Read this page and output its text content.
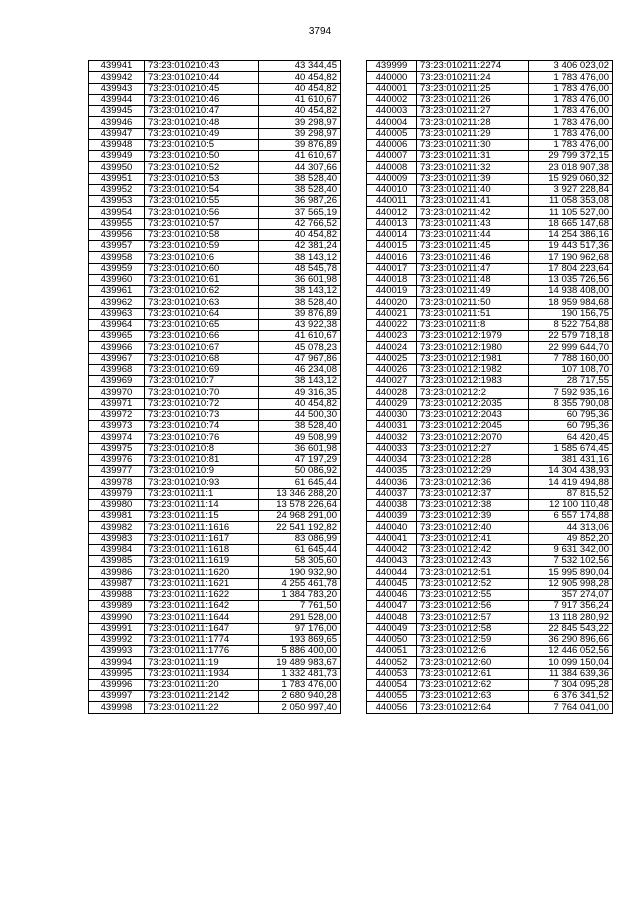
3794
439941	73:23:010210:43	43 344,45
439942	73:23:010210:44	40 454,82
439943	73:23:010210:45	40 454,82
439944	73:23:010210:46	41 610,67
439945	73:23:010210:47	40 454,82
439946	73:23:010210:48	39 298,97
439947	73:23:010210:49	39 298,97
439948	73:23:010210:5	39 876,89
439949	73:23:010210:50	41 610,67
439950	73:23:010210:52	44 307,66
439951	73:23:010210:53	38 528,40
439952	73:23:010210:54	38 528,40
439953	73:23:010210:55	36 987,26
439954	73:23:010210:56	37 565,19
439955	73:23:010210:57	42 766,52
439956	73:23:010210:58	40 454,82
439957	73:23:010210:59	42 381,24
439958	73:23:010210:6	38 143,12
439959	73:23:010210:60	48 545,78
439960	73:23:010210:61	36 601,98
439961	73:23:010210:62	38 143,12
439962	73:23:010210:63	38 528,40
439963	73:23:010210:64	39 876,89
439964	73:23:010210:65	43 922,38
439965	73:23:010210:66	41 610,67
439966	73:23:010210:67	45 078,23
439967	73:23:010210:68	47 967,86
439968	73:23:010210:69	46 234,08
439969	73:23:010210:7	38 143,12
439970	73:23:010210:70	49 316,35
439971	73:23:010210:72	40 454,82
439972	73:23:010210:73	44 500,30
439973	73:23:010210:74	38 528,40
439974	73:23:010210:76	49 508,99
439975	73:23:010210:8	36 601,98
439976	73:23:010210:81	47 197,29
439977	73:23:010210:9	50 086,92
439978	73:23:010210:93	61 645,44
439979	73:23:010211:1	13 346 288,20
439980	73:23:010211:14	13 578 226,64
439981	73:23:010211:15	24 968 291,00
439982	73:23:010211:1616	22 541 192,82
439983	73:23:010211:1617	83 086,99
439984	73:23:010211:1618	61 645,44
439985	73:23:010211:1619	58 305,60
439986	73:23:010211:1620	190 932,90
439987	73:23:010211:1621	4 255 461,78
439988	73:23:010211:1622	1 384 783,20
439989	73:23:010211:1642	7 761,50
439990	73:23:010211:1644	291 528,00
439991	73:23:010211:1647	97 176,00
439992	73:23:010211:1774	193 869,65
439993	73:23:010211:1776	5 886 400,00
439994	73:23:010211:19	19 489 983,67
439995	73:23:010211:1934	1 332 481,73
439996	73:23:010211:20	1 783 476,00
439997	73:23:010211:2142	2 680 940,28
439998	73:23:010211:22	2 050 997,40
439999	73:23:010211:2274	3 406 023,02
440000	73:23:010211:24	1 783 476,00
440001	73:23:010211:25	1 783 476,00
440002	73:23:010211:26	1 783 476,00
440003	73:23:010211:27	1 783 476,00
440004	73:23:010211:28	1 783 476,00
440005	73:23:010211:29	1 783 476,00
440006	73:23:010211:30	1 783 476,00
440007	73:23:010211:31	29 799 372,15
440008	73:23:010211:32	23 018 907,38
440009	73:23:010211:39	15 929 060,32
440010	73:23:010211:40	3 927 228,84
440011	73:23:010211:41	11 058 353,08
440012	73:23:010211:42	11 105 527,00
440013	73:23:010211:43	18 665 147,68
440014	73:23:010211:44	14 254 386,16
440015	73:23:010211:45	19 443 517,36
440016	73:23:010211:46	17 190 962,68
440017	73:23:010211:47	17 804 223,64
440018	73:23:010211:48	13 035 726,56
440019	73:23:010211:49	14 938 408,00
440020	73:23:010211:50	18 959 984,68
440021	73:23:010211:51	190 156,75
440022	73:23:010211:8	8 522 754,88
440023	73:23:010212:1979	22 579 718,18
440024	73:23:010212:1980	22 999 644,70
440025	73:23:010212:1981	7 788 160,00
440026	73:23:010212:1982	107 108,70
440027	73:23:010212:1983	28 717,55
440028	73:23:010212:2	7 592 935,16
440029	73:23:010212:2035	8 355 790,08
440030	73:23:010212:2043	60 795,36
440031	73:23:010212:2045	60 795,36
440032	73:23:010212:2070	64 420,45
440033	73:23:010212:27	1 585 674,45
440034	73:23:010212:28	381 431,16
440035	73:23:010212:29	14 304 438,93
440036	73:23:010212:36	14 419 494,88
440037	73:23:010212:37	87 815,52
440038	73:23:010212:38	12 100 110,48
440039	73:23:010212:39	6 557 174,88
440040	73:23:010212:40	44 313,06
440041	73:23:010212:41	49 852,20
440042	73:23:010212:42	9 631 342,00
440043	73:23:010212:43	7 532 102,56
440044	73:23:010212:51	15 995 890,04
440045	73:23:010212:52	12 905 998,28
440046	73:23:010212:55	357 274,07
440047	73:23:010212:56	7 917 356,24
440048	73:23:010212:57	13 118 280,92
440049	73:23:010212:58	22 845 543,22
440050	73:23:010212:59	36 290 896,66
440051	73:23:010212:6	12 446 052,56
440052	73:23:010212:60	10 099 150,04
440053	73:23:010212:61	11 384 639,36
440054	73:23:010212:62	7 304 095,28
440055	73:23:010212:63	6 376 341,52
440056	73:23:010212:64	7 764 041,00
